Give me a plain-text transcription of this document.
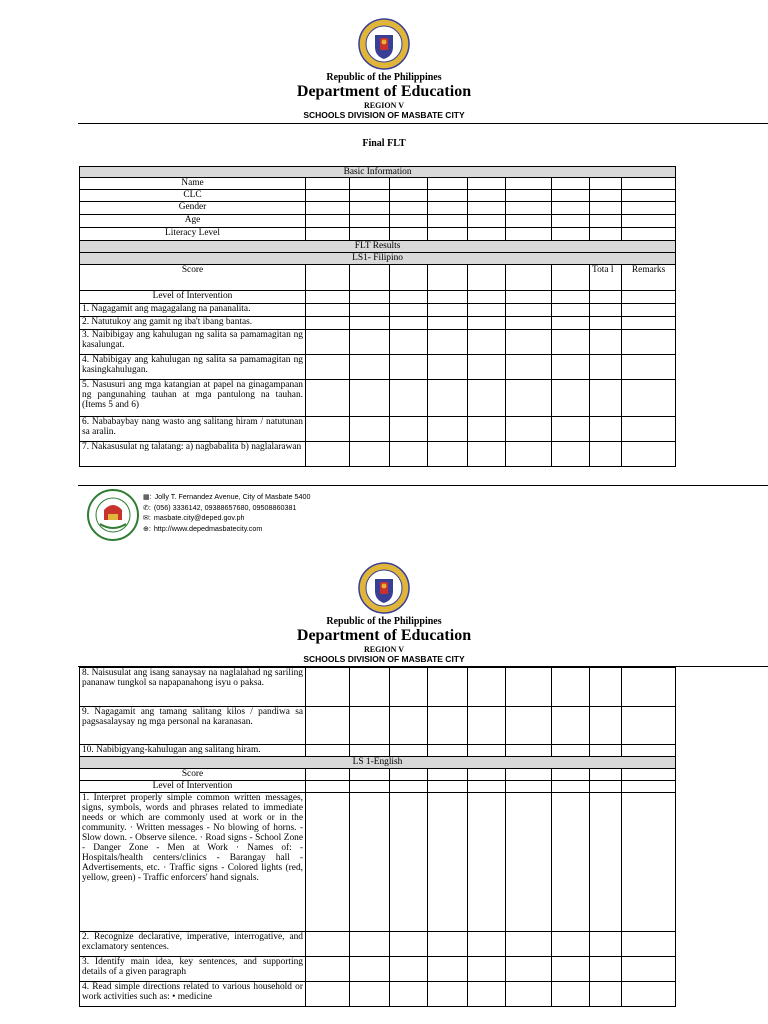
Republic of the Philippines
Department of Education
REGION V
SCHOOLS DIVISION OF MASBATE CITY
Final FLT
Basic Information									
Name									
CLC									
Gender									
Age									
Literacy Level									
FLT Results									
LS1- Filipino									
Score								Tota l	Remarks
Level of Intervention									
1. Nagagamit ang magagalang na pananalita.									
2. Natutukoy ang gamit ng iba't ibang bantas.									
3. Naibibigay ang kahulugan ng salita sa pamamagitan ng kasalungat.									
4. Nabibigay ang kahulugan ng salita sa pamamagitan ng kasingkahulugan.									
5. Nasusuri ang mga katangian at papel na ginagampanan ng pangunahing tauhan at mga pantulong na tauhan. (Items 5 and 6)									
6. Nababaybay nang wasto ang salitang hiram / natutunan sa aralin.									
7. Nakasusulat ng talatang: a) nagbabalita b) naglalarawan									
▦: Jolly T. Fernandez Avenue, City of Masbate 5400
✆: (056) 3336142, 09388657680, 09508860381
✉: masbate.city@deped.gov.ph
⊕: http://www.depedmasbatecity.com
Republic of the Philippines
Department of Education
REGION V
SCHOOLS DIVISION OF MASBATE CITY
8. Naisusulat ang isang sanaysay na naglalahad ng sariling pananaw tungkol sa napapanahong isyu o paksa.									
9. Nagagamit ang tamang salitang kilos / pandiwa sa pagsasalaysay ng mga personal na karanasan.									
10. Nabibigyang-kahulugan ang salitang hiram.									
LS 1-English									
Score									
Level of Intervention									
1. Interpret properly simple common written messages, signs, symbols, words and phrases related to immediate needs or which are commonly used at work or in the community. · Written messages - No blowing of horns. - Slow down. - Observe silence. · Road signs - School Zone - Danger Zone - Men at Work · Names of: - Hospitals/health centers/clinics - Barangay hall - Advertisements, etc. · Traffic signs - Colored lights (red, yellow, green) - Traffic enforcers' hand signals.									
2. Recognize declarative, imperative, interrogative, and exclamatory sentences.									
3. Identify main idea, key sentences, and supporting details of a given paragraph									
4. Read simple directions related to various household or work activities such as: • medicine									
